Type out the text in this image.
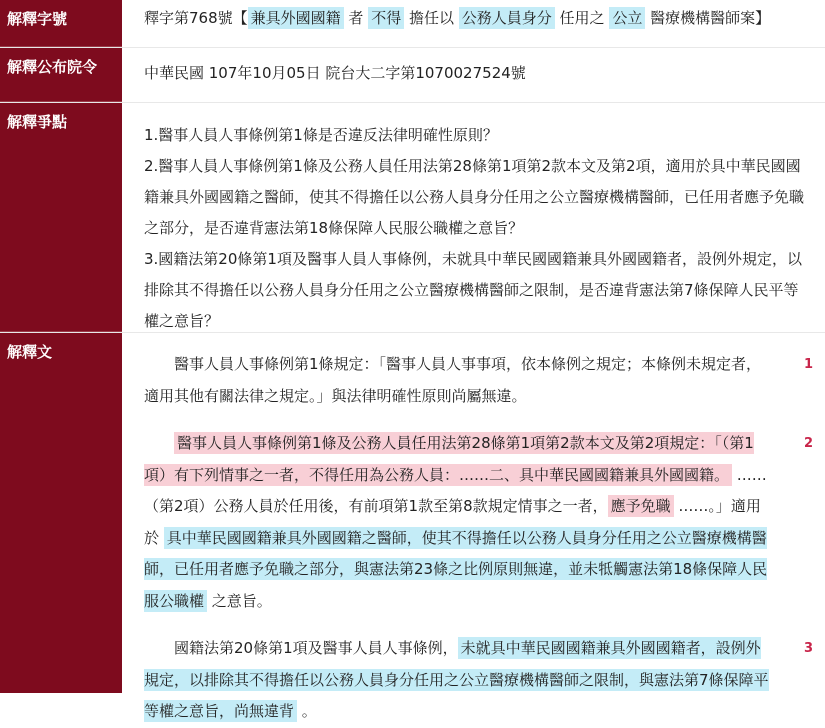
解釋字號	釋字第768號【 兼具外國國籍 者 不得 擔任以 公務人員身分 任用之 公立 醫療機構醫師案】
解釋公布院令	中華民國 107年10月05日 院台大二字第1070027524號
解釋爭點

1.醫事人員人事條例第1條是否違反法律明確性原則？

2.醫事人員人事條例第1條及公務人員任用法第28條第1項第2款本文及第2項，適用於具中華民國國籍兼具外國國籍之醫師，使其不得擔任以公務人員身分任用之公立醫療機構醫師，已任用者應予免職之部分，是否違背憲法第18條保障人民服公職權之意旨？

3.國籍法第20條第1項及醫事人員人事條例，未就具中華民國國籍兼具外國國籍者，設例外規定，以排除其不得擔任以公務人員身分任用之公立醫療機構醫師之限制，是否違背憲法第7條保障人民平等權之意旨？

解釋文

醫事人員人事條例第1條規定：「醫事人員人事事項，依本條例之規定；本條例未規定者，適用其他有關法律之規定。」與法律明確性原則尚屬無違。
1

醫事人員人事條例第1條及公務人員任用法第28條第1項第2款本文及第2項規定：「（第1項）有下列情事之一者，不得任用為公務人員：……二、具中華民國國籍兼具外國國籍。 ……（第2項）公務人員於任用後，有前項第1款至第8款規定情事之一者， 應予免職 ……。」適用於 具中華民國國籍兼具外國國籍之醫師，使其不得擔任以公務人員身分任用之公立醫療機構醫師，已任用者應予免職之部分，與憲法第23條之比例原則無違，並未牴觸憲法第18條保障人民服公職權 之意旨。
2

國籍法第20條第1項及醫事人員人事條例， 未就具中華民國國籍兼具外國國籍者，設例外規定，以排除其不得擔任以公務人員身分任用之公立醫療機構醫師之限制，與憲法第7條保障平等權之意旨，尚無違背 。
3
